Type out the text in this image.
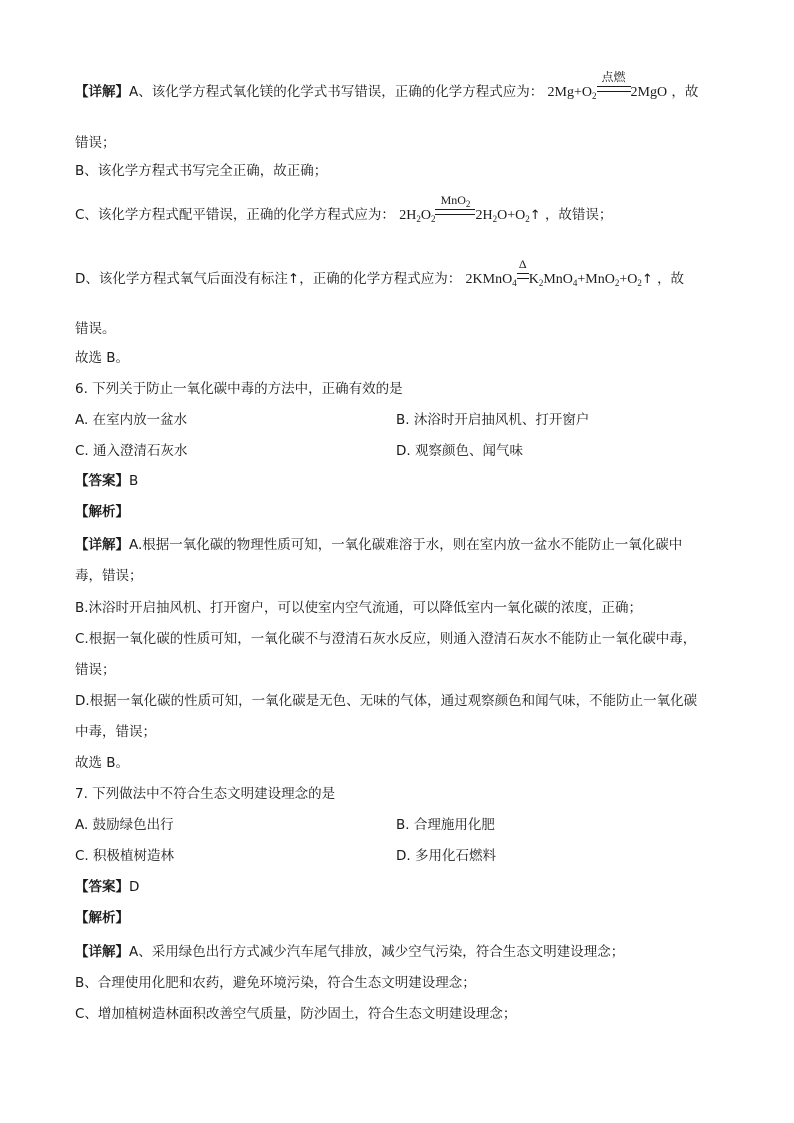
【详解】A、该化学方程式氧化镁的化学式书写错误，正确的化学方程式应为： $2Mg+O_2$
点燃
2MgO ，故
错误；
B、该化学方程式书写完全正确，故正确；
C、该化学方程式配平错误，正确的化学方程式应为： $2H_2O_2$
MnO$_2$
$2H_2O+O_2↑$ ，故错误；
D、该化学方程式氧气后面没有标注↑，正确的化学方程式应为： 2KMnO$_4$
Δ
$K_2MnO_4+MnO_2+O_2↑$ ，故
错误。
故选 B。
6. 下列关于防止一氧化碳中毒的方法中，正确有效的是
A. 在室内放一盆水	B. 沐浴时开启抽风机、打开窗户
C. 通入澄清石灰水	D. 观察颜色、闻气味
【答案】B
【解析】
【详解】A.根据一氧化碳的物理性质可知，一氧化碳难溶于水，则在室内放一盆水不能防止一氧化碳中
毒，错误；
B.沐浴时开启抽风机、打开窗户，可以使室内空气流通，可以降低室内一氧化碳的浓度，正确；
C.根据一氧化碳的性质可知，一氧化碳不与澄清石灰水反应，则通入澄清石灰水不能防止一氧化碳中毒，
错误；
D.根据一氧化碳的性质可知，一氧化碳是无色、无味的气体，通过观察颜色和闻气味，不能防止一氧化碳
中毒，错误；
故选 B。
7. 下列做法中不符合生态文明建设理念的是
A. 鼓励绿色出行	B. 合理施用化肥
C. 积极植树造林	D. 多用化石燃料
【答案】D
【解析】
【详解】A、采用绿色出行方式减少汽车尾气排放，减少空气污染，符合生态文明建设理念；
B、合理使用化肥和农药，避免环境污染，符合生态文明建设理念；
C、增加植树造林面积改善空气质量，防沙固土，符合生态文明建设理念；
